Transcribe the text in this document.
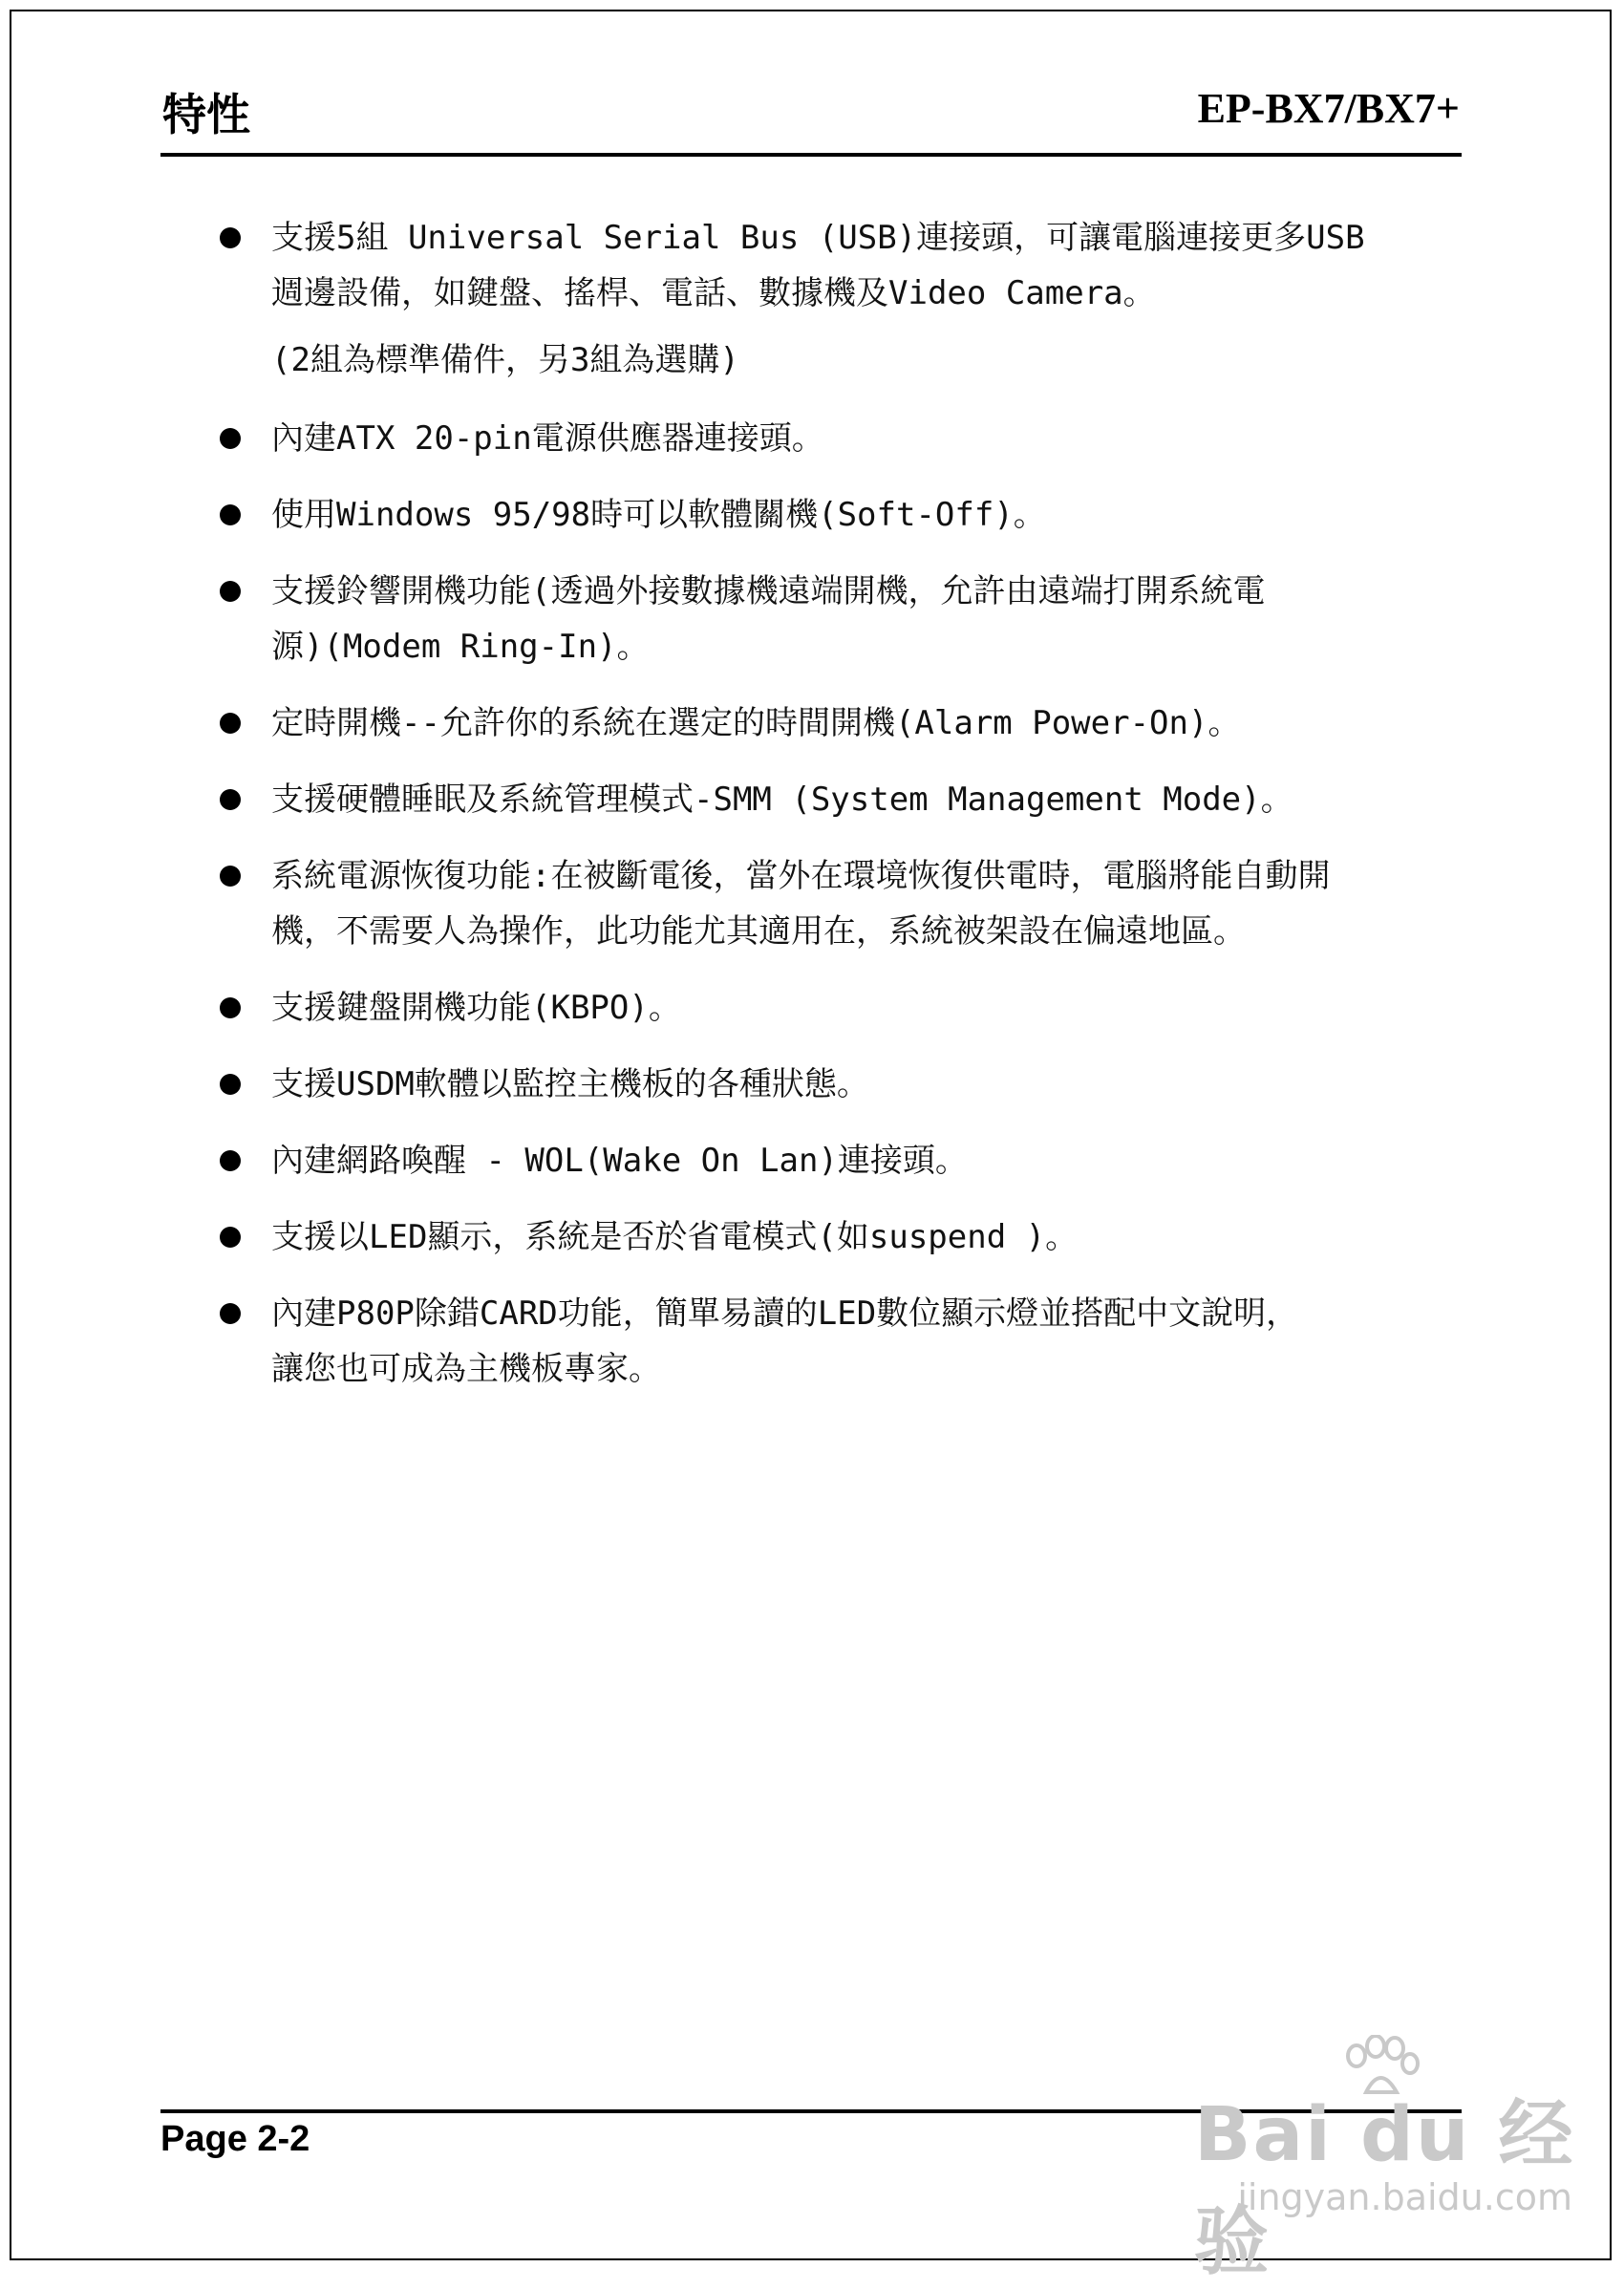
特性	EP-BX7/BX7+
支援5組 Universal Serial Bus (USB)連接頭，可讓電腦連接更多USB
週邊設備，如鍵盤、搖桿、電話、數據機及Video Camera。
(2組為標準備件，另3組為選購)
內建ATX 20-pin電源供應器連接頭。
使用Windows 95/98時可以軟體關機(Soft-Off)。
支援鈴響開機功能(透過外接數據機遠端開機，允許由遠端打開系統電
源)(Modem Ring-In)。
定時開機--允許你的系統在選定的時間開機(Alarm Power-On)。
支援硬體睡眠及系統管理模式-SMM (System Management Mode)。
系統電源恢復功能:在被斷電後，當外在環境恢復供電時，電腦將能自動開
機，不需要人為操作，此功能尤其適用在，系統被架設在偏遠地區。
支援鍵盤開機功能(KBPO)。
支援USDM軟體以監控主機板的各種狀態。
內建網路喚醒 - WOL(Wake On Lan)連接頭。
支援以LED顯示，系統是否於省電模式(如suspend )。
內建P80P除錯CARD功能，簡單易讀的LED數位顯示燈並搭配中文說明，
讓您也可成為主機板專家。
Page 2-2	Bai du 经验
jingyan.baidu.com
